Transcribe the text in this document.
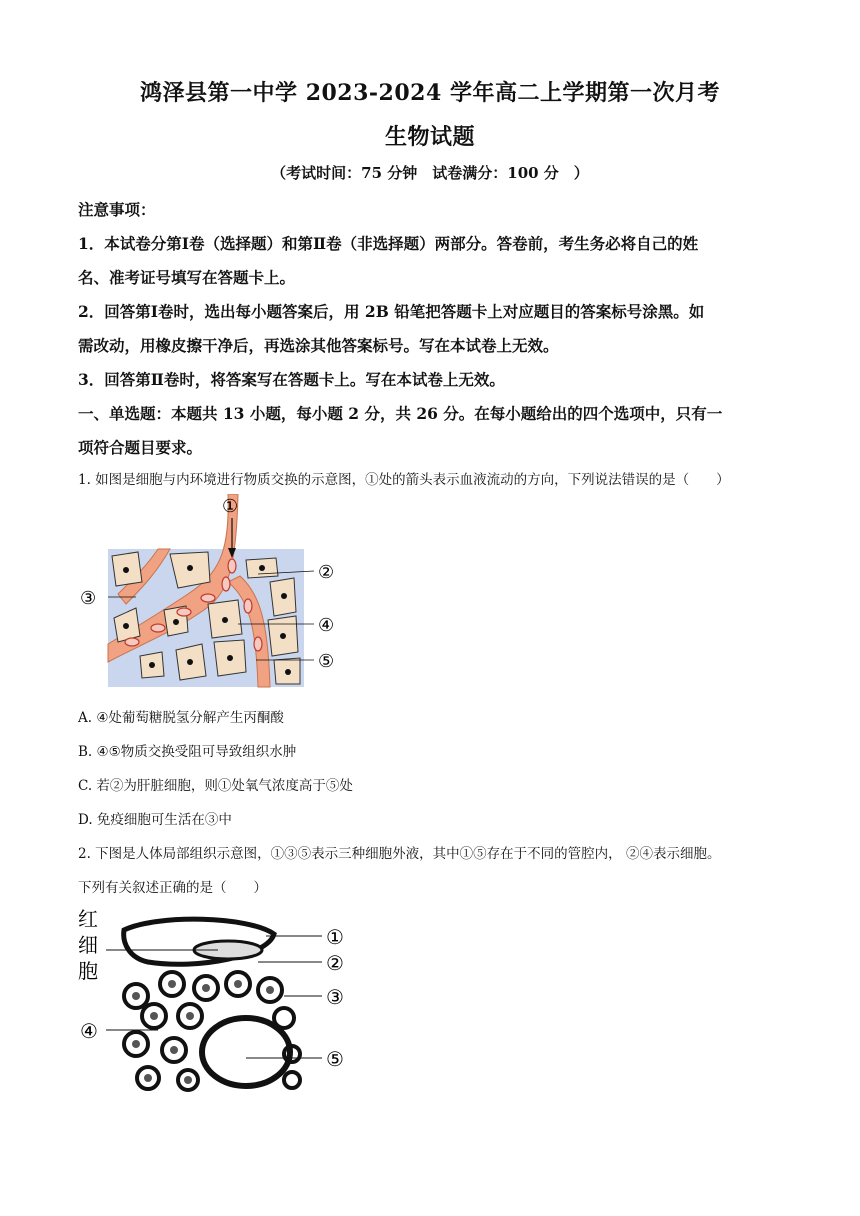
鸿泽县第一中学 2023-2024 学年高二上学期第一次月考
生物试题
（考试时间：75 分钟　试卷满分：100 分　）
注意事项：
1．本试卷分第Ⅰ卷（选择题）和第Ⅱ卷（非选择题）两部分。答卷前，考生务必将自己的姓
名、准考证号填写在答题卡上。
2．回答第Ⅰ卷时，选出每小题答案后，用 2B 铅笔把答题卡上对应题目的答案标号涂黑。如
需改动，用橡皮擦干净后，再选涂其他答案标号。写在本试卷上无效。
3．回答第Ⅱ卷时，将答案写在答题卡上。写在本试卷上无效。
一、单选题：本题共 13 小题，每小题 2 分，共 26 分。在每小题给出的四个选项中，只有一
项符合题目要求。
1. 如图是细胞与内环境进行物质交换的示意图，①处的箭头表示血液流动的方向，下列说法错误的是（　　）
①
②
③
④
⑤
A. ④处葡萄糖脱氢分解产生丙酮酸
B. ④⑤物质交换受阻可导致组织水肿
C. 若②为肝脏细胞，则①处氧气浓度高于⑤处
D. 免疫细胞可生活在③中
2. 下图是人体局部组织示意图，①③⑤表示三种细胞外液，其中①⑤存在于不同的管腔内， ②④表示细胞。
下列有关叙述正确的是（　　）
红
细
胞
①
②
③
④
⑤
